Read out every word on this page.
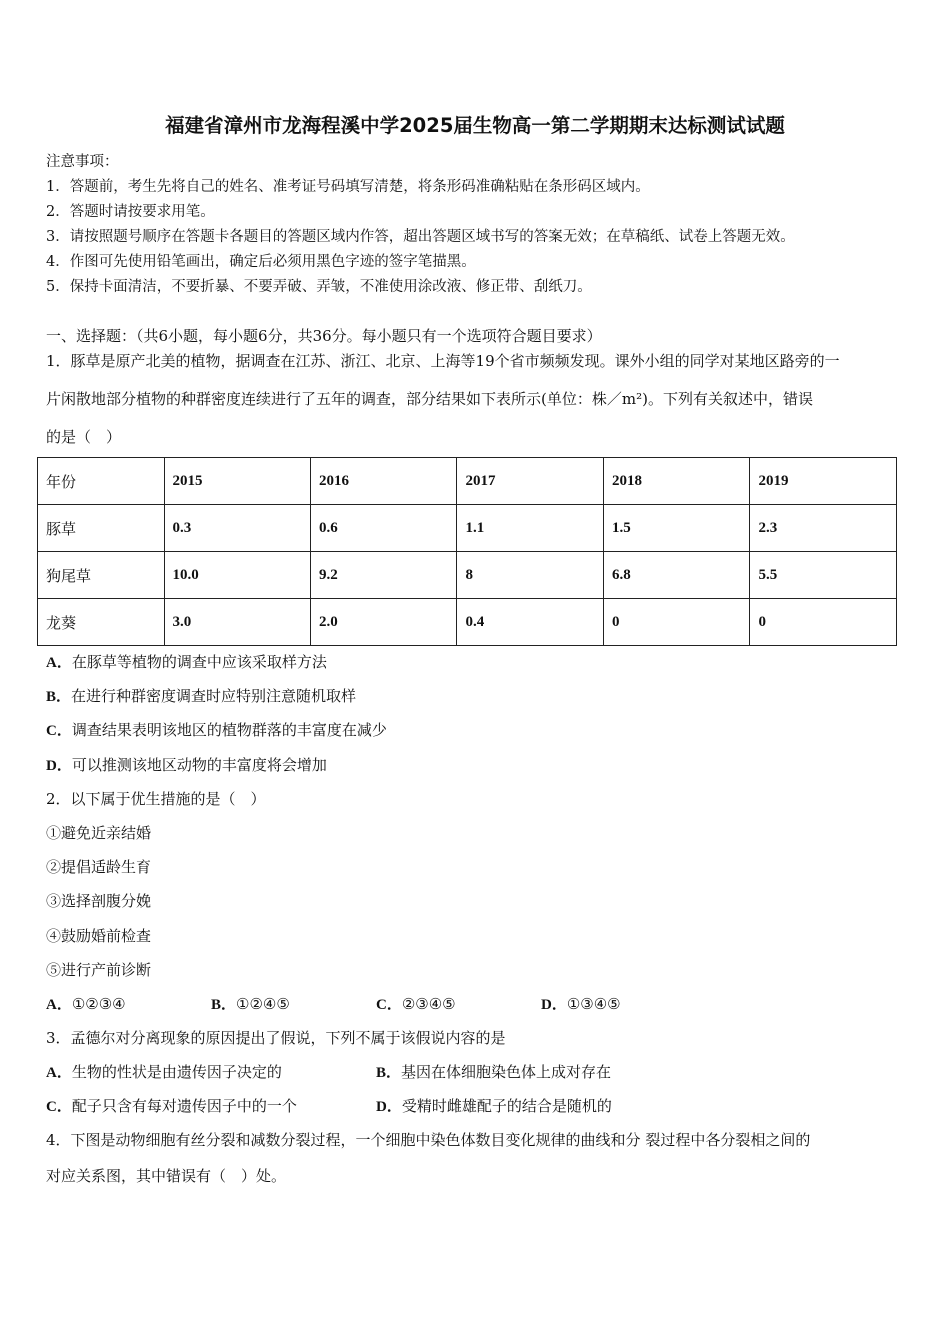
福建省漳州市龙海程溪中学2025届生物高一第二学期期末达标测试试题
注意事项：
1．答题前，考生先将自己的姓名、准考证号码填写清楚，将条形码准确粘贴在条形码区域内。
2．答题时请按要求用笔。
3．请按照题号顺序在答题卡各题目的答题区域内作答，超出答题区域书写的答案无效；在草稿纸、试卷上答题无效。
4．作图可先使用铅笔画出，确定后必须用黑色字迹的签字笔描黑。
5．保持卡面清洁，不要折暴、不要弄破、弄皱，不准使用涂改液、修正带、刮纸刀。
一、选择题：（共6小题，每小题6分，共36分。每小题只有一个选项符合题目要求）
1．豚草是原产北美的植物，据调查在江苏、浙江、北京、上海等19个省市频频发现。课外小组的同学对某地区路旁的一
片闲散地部分植物的种群密度连续进行了五年的调查，部分结果如下表所示(单位：株／m²)。下列有关叙述中，错误
的是（　）
年份	2015	2016	2017	2018	2019
豚草	0.3	0.6	1.1	1.5	2.3
狗尾草	10.0	9.2	8	6.8	5.5
龙葵	3.0	2.0	0.4	0	0
A．在豚草等植物的调查中应该采取样方法
B．在进行种群密度调查时应特别注意随机取样
C．调查结果表明该地区的植物群落的丰富度在减少
D．可以推测该地区动物的丰富度将会增加
2．以下属于优生措施的是（　）
①避免近亲结婚
②提倡适龄生育
③选择剖腹分娩
④鼓励婚前检查
⑤进行产前诊断
A．①②③④	B．①②④⑤	C．②③④⑤	D．①③④⑤
3．孟德尔对分离现象的原因提出了假说，下列不属于该假说内容的是
A．生物的性状是由遗传因子决定的	B．基因在体细胞染色体上成对存在
C．配子只含有每对遗传因子中的一个	D．受精时雌雄配子的结合是随机的
4．下图是动物细胞有丝分裂和减数分裂过程，一个细胞中染色体数目变化规律的曲线和分 裂过程中各分裂相之间的
对应关系图，其中错误有（　）处。
